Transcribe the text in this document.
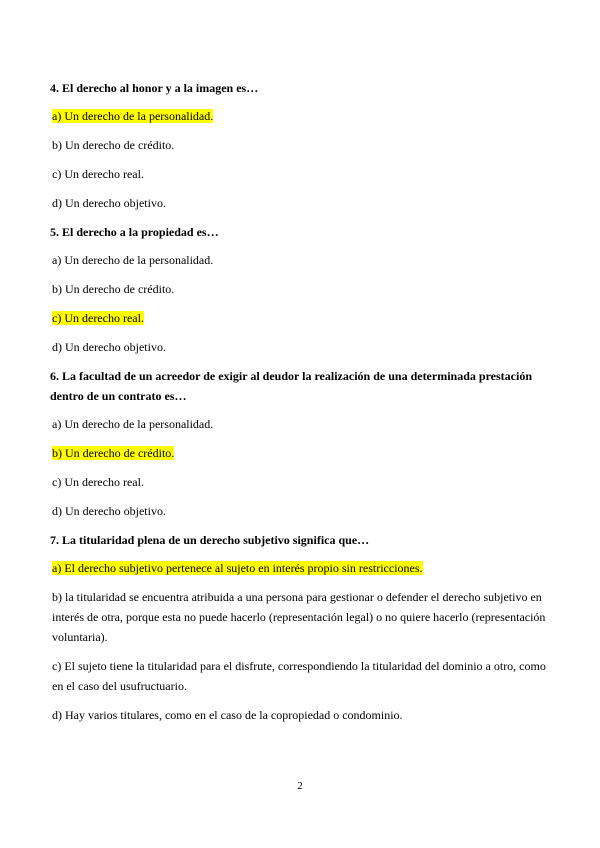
4. El derecho al honor y a la imagen es…

a) Un derecho de la personalidad.

b) Un derecho de crédito.

c) Un derecho real.

d) Un derecho objetivo.

5. El derecho a la propiedad es…

a) Un derecho de la personalidad.

b) Un derecho de crédito.

c) Un derecho real.

d) Un derecho objetivo.

6. La facultad de un acreedor de exigir al deudor la realización de una determinada prestación dentro de un contrato es…

a) Un derecho de la personalidad.

b) Un derecho de crédito.

c) Un derecho real.

d) Un derecho objetivo.

7. La titularidad plena de un derecho subjetivo significa que…

a) El derecho subjetivo pertenece al sujeto en interés propio sin restricciones.

b) la titularidad se encuentra atribuida a una persona para gestionar o defender el derecho subjetivo en interés de otra, porque esta no puede hacerlo (representación legal) o no quiere hacerlo (representación voluntaria).

c) El sujeto tiene la titularidad para el disfrute, correspondiendo la titularidad del dominio a otro, como en el caso del usufructuario.

d) Hay varios titulares, como en el caso de la copropiedad o condominio.

2
